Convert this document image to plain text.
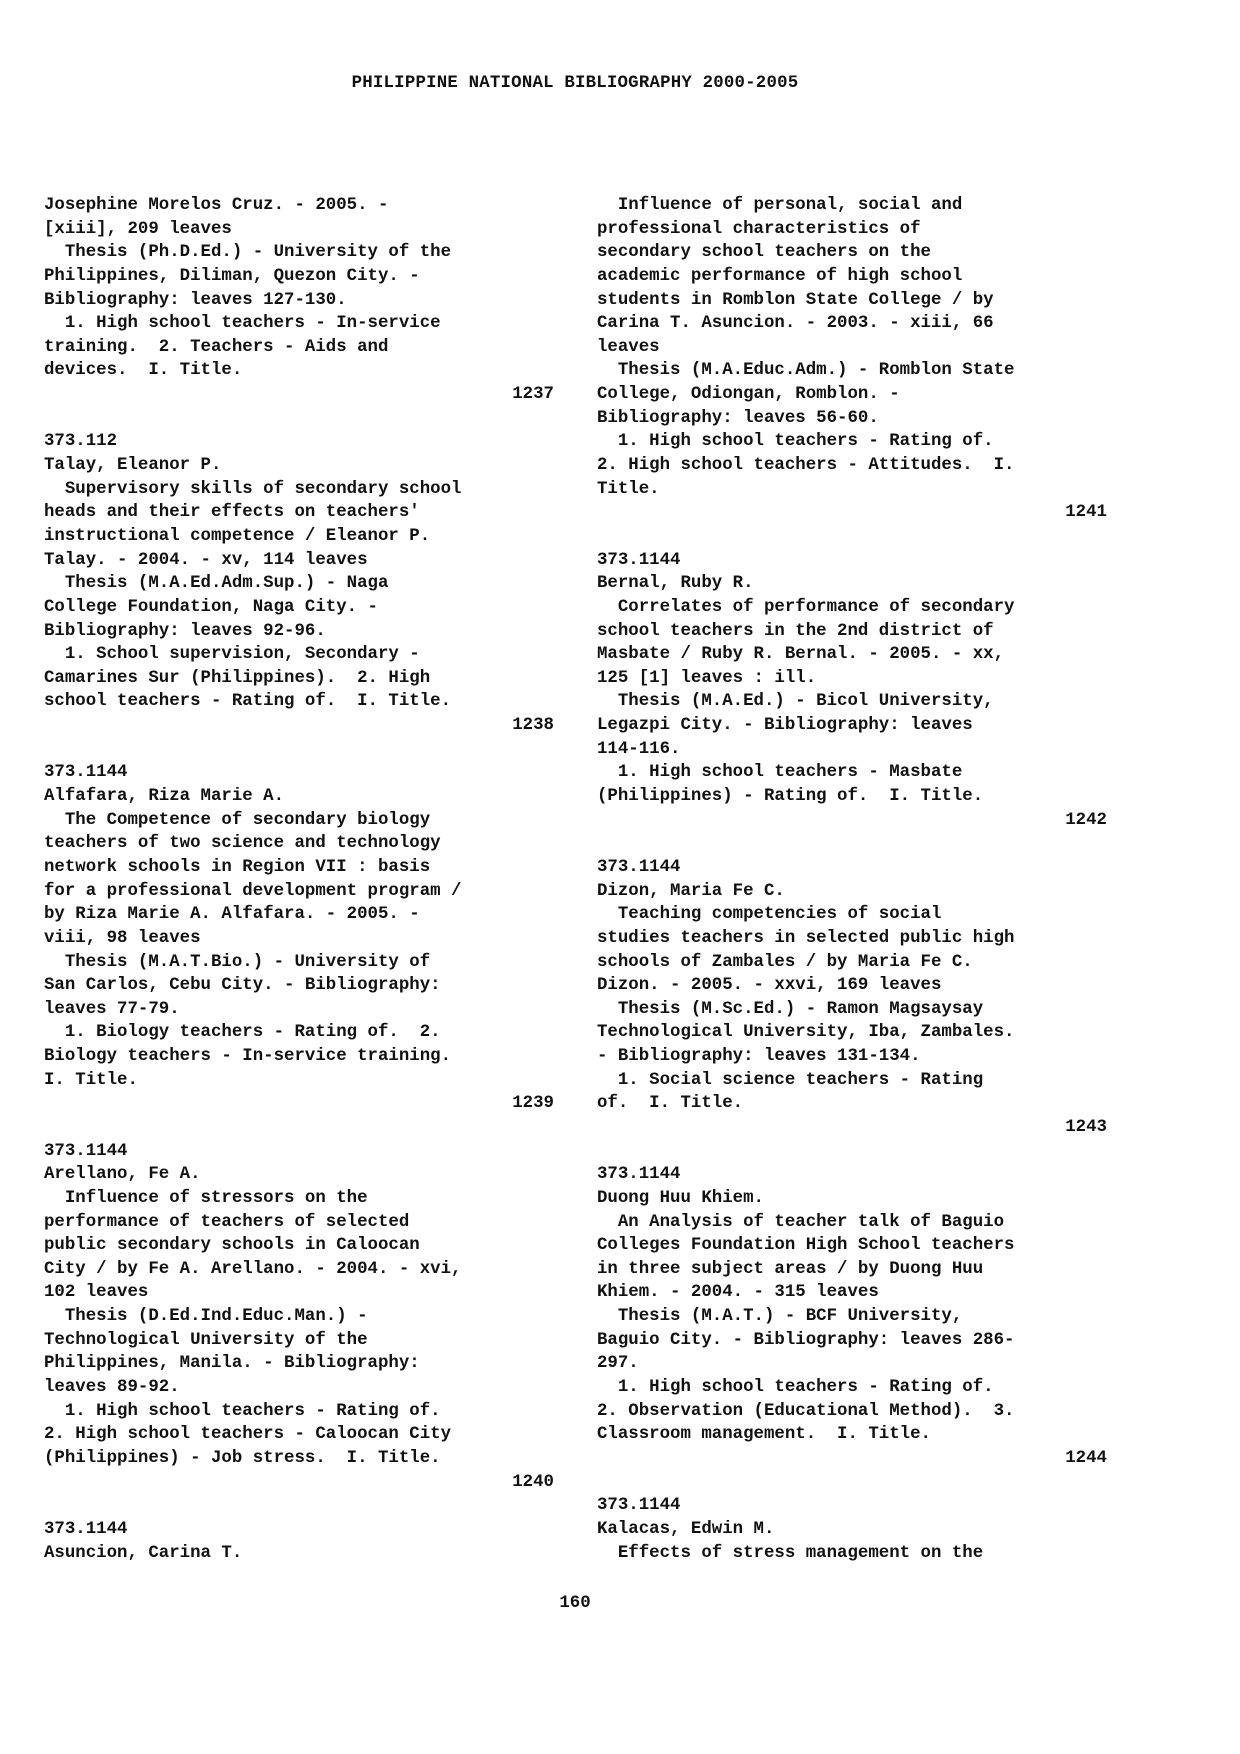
PHILIPPINE NATIONAL BIBLIOGRAPHY 2000-2005
Josephine Morelos Cruz. - 2005. -
[xiii], 209 leaves
Thesis (Ph.D.Ed.) - University of the
Philippines, Diliman, Quezon City. -
Bibliography: leaves 127-130.
1. High school teachers - In-service
training.  2. Teachers - Aids and
devices.  I. Title.
1237
373.112
Talay, Eleanor P.
Supervisory skills of secondary school
heads and their effects on teachers'
instructional competence / Eleanor P.
Talay. - 2004. - xv, 114 leaves
Thesis (M.A.Ed.Adm.Sup.) - Naga
College Foundation, Naga City. -
Bibliography: leaves 92-96.
1. School supervision, Secondary -
Camarines Sur (Philippines).  2. High
school teachers - Rating of.  I. Title.
1238
373.1144
Alfafara, Riza Marie A.
The Competence of secondary biology
teachers of two science and technology
network schools in Region VII : basis
for a professional development program /
by Riza Marie A. Alfafara. - 2005. -
viii, 98 leaves
Thesis (M.A.T.Bio.) - University of
San Carlos, Cebu City. - Bibliography:
leaves 77-79.
1. Biology teachers - Rating of.  2.
Biology teachers - In-service training.
I. Title.
1239
373.1144
Arellano, Fe A.
Influence of stressors on the
performance of teachers of selected
public secondary schools in Caloocan
City / by Fe A. Arellano. - 2004. - xvi,
102 leaves
Thesis (D.Ed.Ind.Educ.Man.) -
Technological University of the
Philippines, Manila. - Bibliography:
leaves 89-92.
1. High school teachers - Rating of.
2. High school teachers - Caloocan City
(Philippines) - Job stress.  I. Title.
1240
373.1144
Asuncion, Carina T.
Influence of personal, social and
professional characteristics of
secondary school teachers on the
academic performance of high school
students in Romblon State College / by
Carina T. Asuncion. - 2003. - xiii, 66
leaves
Thesis (M.A.Educ.Adm.) - Romblon State
College, Odiongan, Romblon. -
Bibliography: leaves 56-60.
1. High school teachers - Rating of.
2. High school teachers - Attitudes.  I.
Title.
1241
373.1144
Bernal, Ruby R.
Correlates of performance of secondary
school teachers in the 2nd district of
Masbate / Ruby R. Bernal. - 2005. - xx,
125 [1] leaves : ill.
Thesis (M.A.Ed.) - Bicol University,
Legazpi City. - Bibliography: leaves
114-116.
1. High school teachers - Masbate
(Philippines) - Rating of.  I. Title.
1242
373.1144
Dizon, Maria Fe C.
Teaching competencies of social
studies teachers in selected public high
schools of Zambales / by Maria Fe C.
Dizon. - 2005. - xxvi, 169 leaves
Thesis (M.Sc.Ed.) - Ramon Magsaysay
Technological University, Iba, Zambales.
- Bibliography: leaves 131-134.
1. Social science teachers - Rating
of.  I. Title.
1243
373.1144
Duong Huu Khiem.
An Analysis of teacher talk of Baguio
Colleges Foundation High School teachers
in three subject areas / by Duong Huu
Khiem. - 2004. - 315 leaves
Thesis (M.A.T.) - BCF University,
Baguio City. - Bibliography: leaves 286-
297.
1. High school teachers - Rating of.
2. Observation (Educational Method).  3.
Classroom management.  I. Title.
1244
373.1144
Kalacas, Edwin M.
Effects of stress management on the
160
